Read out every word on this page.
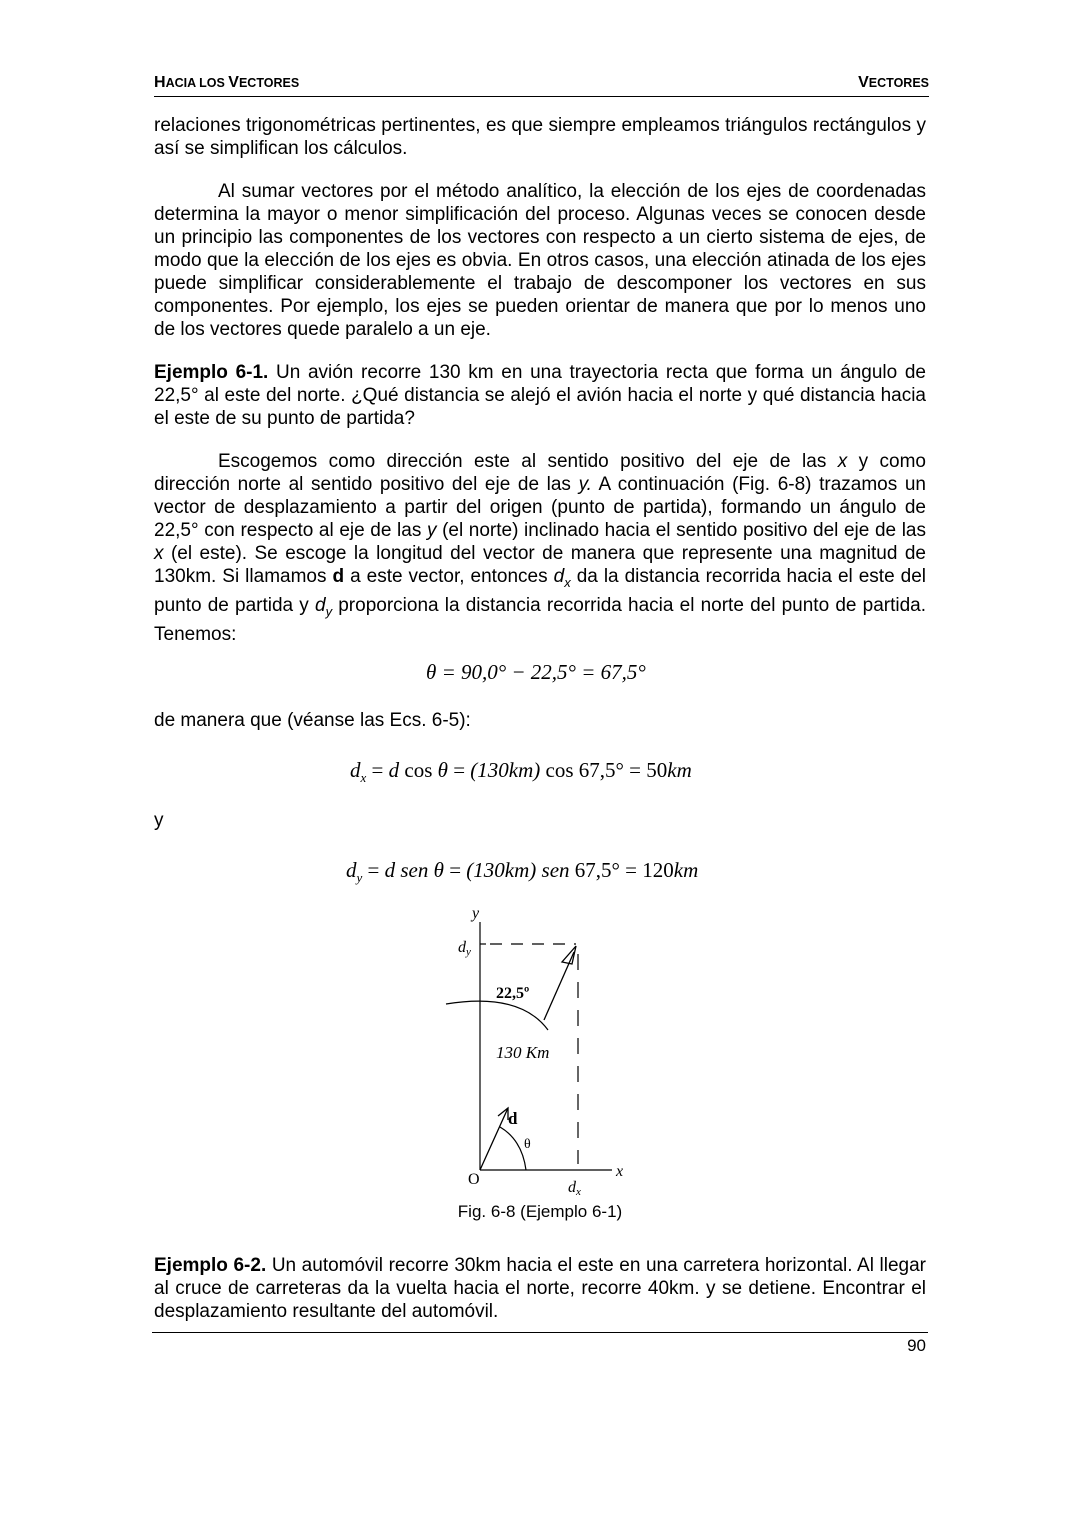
HACIA LOS VECTORES	VECTORES

relaciones trigonométricas pertinentes, es que siempre empleamos triángulos rectángulos y así se simplifican los cálculos.

Al sumar vectores por el método analítico, la elección de los ejes de coordenadas determina la mayor o menor simplificación del proceso. Algunas veces se conocen desde un principio las componentes de los vectores con respecto a un cierto sistema de ejes, de modo que la elección de los ejes es obvia. En otros casos, una elección atinada de los ejes puede simplificar considerablemente el trabajo de descomponer los vectores en sus componentes. Por ejemplo, los ejes se pueden orientar de manera que por lo menos uno de los vectores quede paralelo a un eje.

Ejemplo 6-1. Un avión recorre 130 km en una trayectoria recta que forma un ángulo de 22,5° al este del norte. ¿Qué distancia se alejó el avión hacia el norte y qué distancia hacia el este de su punto de partida?

Escogemos como dirección este al sentido positivo del eje de las x y como dirección norte al sentido positivo del eje de las y. A continuación (Fig. 6-8) trazamos un vector de desplazamiento a partir del origen (punto de partida), formando un ángulo de 22,5° con respecto al eje de las y (el norte) inclinado hacia el sentido positivo del eje de las x (el este). Se escoge la longitud del vector de manera que represente una magnitud de 130km. Si llamamos d a este vector, entonces $d_x$ da la distancia recorrida hacia el este del punto de partida y $d_y$ proporciona la distancia recorrida hacia el norte del punto de partida. Tenemos:

θ = 90,0° − 22,5° = 67,5°
de manera que (véanse las Ecs. 6-5):
$d_x = d$ cos θ = (130km) cos 67,5° = 50km
y
$d_y = d$ sen θ = (130km) sen 67,5° = 120km
y
dy
22,5º
130 Km
d
θ
O	dx
x
Fig. 6-8 (Ejemplo 6-1)

Ejemplo 6-2. Un automóvil recorre 30km hacia el este en una carretera horizontal. Al llegar al cruce de carreteras da la vuelta hacia el norte, recorre 40km. y se detiene. Encontrar el desplazamiento resultante del automóvil.

90
